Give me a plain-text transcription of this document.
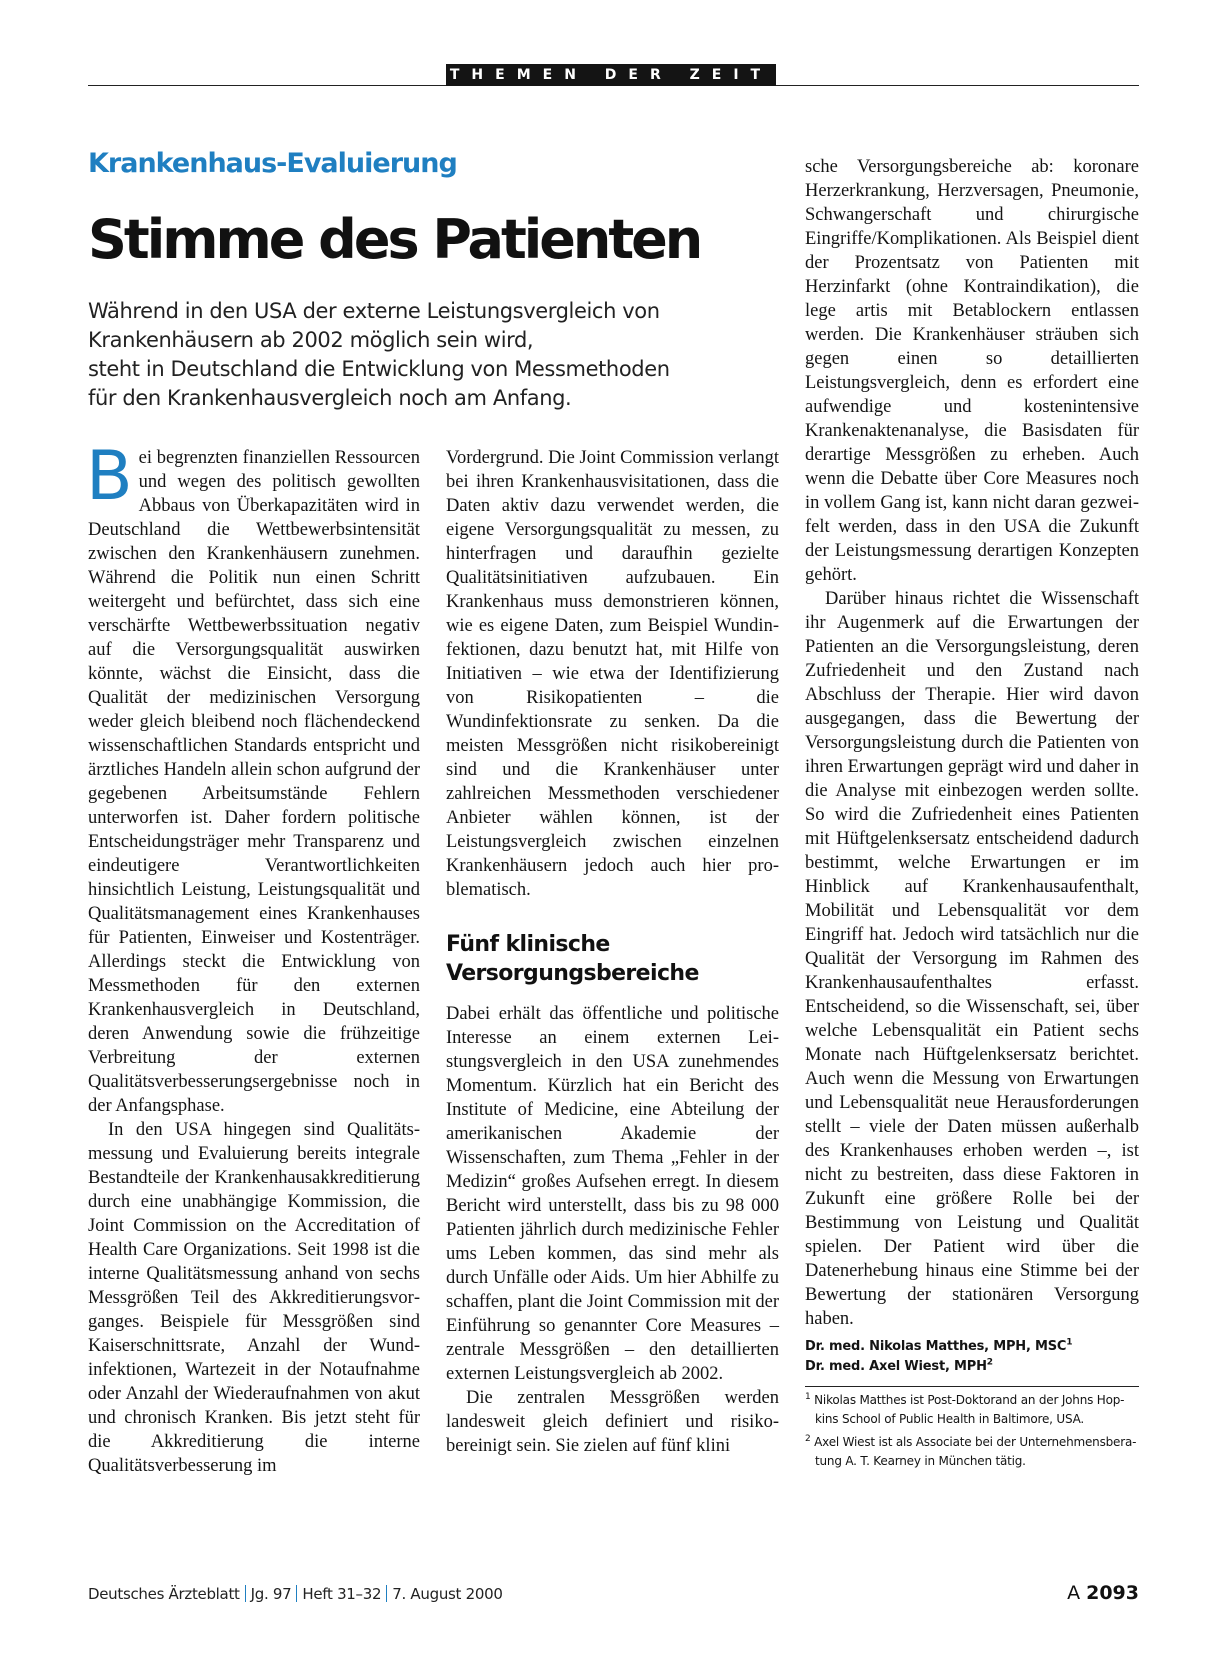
THEMEN DER ZEIT
Krankenhaus-Evaluierung
Stimme des Patienten
Während in den USA der externe Leistungsvergleich von
Krankenhäusern ab 2002 möglich sein wird,
steht in Deutschland die Entwicklung von Messmethoden
für den Krankenhausvergleich noch am Anfang.

Bei begrenzten finanziellen Ressourcen und wegen des politisch gewollten Abbaus von Überkapazitäten wird in Deutschland die Wettbewerbsintensität zwischen den Krankenhäusern zunehmen. Während die Politik nun einen Schritt weitergeht und befürchtet, dass sich eine verschärfte Wettbewerbssituation negativ auf die Versorgungsqualität auswirken könnte, wächst die Einsicht, dass die Qualität der medizinischen Versorgung weder gleich bleibend noch flächendeckend wissenschaftlichen Standards entspricht und ärztliches Handeln allein schon aufgrund der gegebenen Arbeitsumstände Fehlern unterworfen ist. Daher fordern politische Entscheidungsträger mehr Transparenz und eindeutigere Verantwortlichkeiten hinsichtlich Leistung, Leistungsqualität und Qualitätsmanagement eines Krankenhauses für Patienten, Einweiser und Kostenträger. Allerdings steckt die Entwicklung von Messmethoden für den externen Krankenhausvergleich in Deutschland, deren Anwendung sowie die frühzeitige Verbreitung der externen Qualitätsverbesserungsergebnisse noch in der Anfangsphase.

In den USA hingegen sind Qualitätsmessung und Evaluierung bereits integrale Bestandteile der Krankenhausakkreditierung durch eine unabhängige Kommission, die Joint Commission on the Accreditation of Health Care Organizations. Seit 1998 ist die interne Qualitätsmessung anhand von sechs Messgrößen Teil des Akkreditierungsvorganges. Beispiele für Messgrößen sind Kaiserschnittsrate, Anzahl der Wundinfektionen, Wartezeit in der Notaufnahme oder Anzahl der Wiederaufnahmen von akut und chronisch Kranken. Bis jetzt steht für die Akkreditierung die interne Qualitätsverbesserung im

Vordergrund. Die Joint Commission verlangt bei ihren Krankenhausvisitationen, dass die Daten aktiv dazu verwendet werden, die eigene Versorgungsqualität zu messen, zu hinterfragen und daraufhin gezielte Qualitätsinitiativen aufzubauen. Ein Krankenhaus muss demonstrieren können, wie es eigene Daten, zum Beispiel Wundinfektionen, dazu benutzt hat, mit Hilfe von Initiativen – wie etwa der Identifizierung von Risikopatienten – die Wundinfektionsrate zu senken. Da die meisten Messgrößen nicht risikobereinigt sind und die Krankenhäuser unter zahlreichen Messmethoden verschiedener Anbieter wählen können, ist der Leistungsvergleich zwischen einzelnen Krankenhäusern jedoch auch hier problematisch.

Fünf klinische
Versorgungsbereiche

Dabei erhält das öffentliche und politische Interesse an einem externen Leistungsvergleich in den USA zunehmendes Momentum. Kürzlich hat ein Bericht des Institute of Medicine, eine Abteilung der amerikanischen Akademie der Wissenschaften, zum Thema „Fehler in der Medizin“ großes Aufsehen erregt. In diesem Bericht wird unterstellt, dass bis zu 98 000 Patienten jährlich durch medizinische Fehler ums Leben kommen, das sind mehr als durch Unfälle oder Aids. Um hier Abhilfe zu schaffen, plant die Joint Commission mit der Einführung so genannter Core Measures – zentrale Messgrößen – den detaillierten externen Leistungsvergleich ab 2002.

Die zentralen Messgrößen werden landesweit gleich definiert und risikobereinigt sein. Sie zielen auf fünf klini

sche Versorgungsbereiche ab: koronare Herzerkrankung, Herzversagen, Pneumonie, Schwangerschaft und chirurgische Eingriffe/Komplikationen. Als Beispiel dient der Prozentsatz von Patienten mit Herzinfarkt (ohne Kontraindikation), die lege artis mit Betablockern entlassen werden. Die Krankenhäuser sträuben sich gegen einen so detaillierten Leistungsvergleich, denn es erfordert eine aufwendige und kostenintensive Krankenaktenanalyse, die Basisdaten für derartige Messgrößen zu erheben. Auch wenn die Debatte über Core Measures noch in vollem Gang ist, kann nicht daran gezweifelt werden, dass in den USA die Zukunft der Leistungsmessung derartigen Konzepten gehört.

Darüber hinaus richtet die Wissenschaft ihr Augenmerk auf die Erwartungen der Patienten an die Versorgungsleistung, deren Zufriedenheit und den Zustand nach Abschluss der Therapie. Hier wird davon ausgegangen, dass die Bewertung der Versorgungsleistung durch die Patienten von ihren Erwartungen geprägt wird und daher in die Analyse mit einbezogen werden sollte. So wird die Zufriedenheit eines Patienten mit Hüftgelenksersatz entscheidend dadurch bestimmt, welche Erwartungen er im Hinblick auf Krankenhausaufenthalt, Mobilität und Lebensqualität vor dem Eingriff hat. Jedoch wird tatsächlich nur die Qualität der Versorgung im Rahmen des Krankenhausaufenthaltes erfasst. Entscheidend, so die Wissenschaft, sei, über welche Lebensqualität ein Patient sechs Monate nach Hüftgelenksersatz berichtet. Auch wenn die Messung von Erwartungen und Lebensqualität neue Herausforderungen stellt – viele der Daten müssen außerhalb des Krankenhauses erhoben werden –, ist nicht zu bestreiten, dass diese Faktoren in Zukunft eine größere Rolle bei der Bestimmung von Leistung und Qualität spielen. Der Patient wird über die Datenerhebung hinaus eine Stimme bei der Bewertung der stationären Versorgung haben.

Dr. med. Nikolas Matthes, MPH, MSC$^1$
Dr. med. Axel Wiest, MPH$^2$
$^1$ Nikolas Matthes ist Post-Doktorand an der Johns Hopkins School of Public Health in Baltimore, USA.
$^2$ Axel Wiest ist als Associate bei der Unternehmensberatung A. T. Kearney in München tätig.
Deutsches Ärzteblatt Jg. 97 Heft 31–32 7. August 2000	A 2093
